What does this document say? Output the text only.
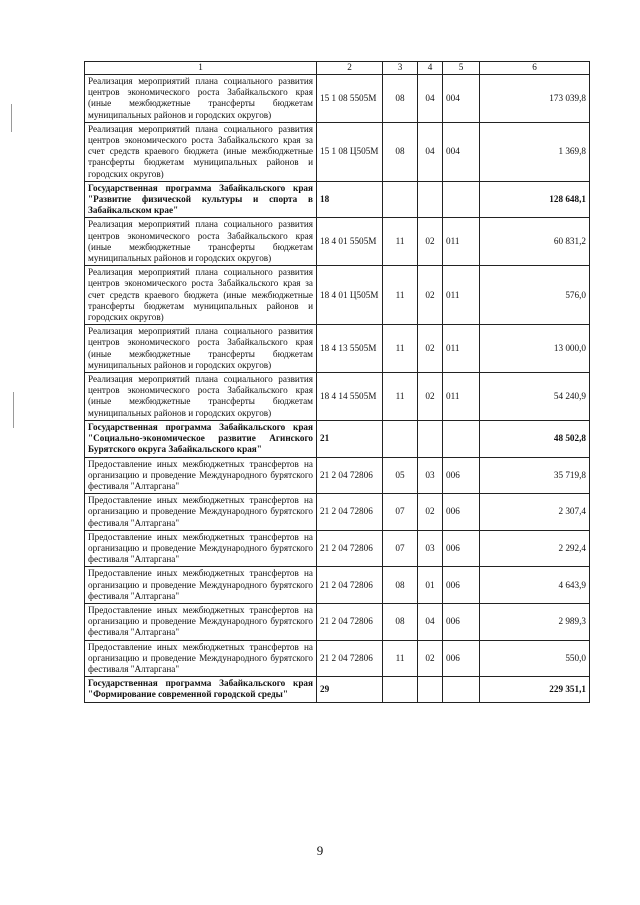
1	2	3	4	5	6
Реализация мероприятий плана социального развития центров экономического роста Забайкальского края (иные межбюджетные трансферты бюджетам муниципальных районов и городских округов)	15 1 08 5505М	08	04	004	173 039,8
Реализация мероприятий плана социального развития центров экономического роста Забайкальского края за счет средств краевого бюджета (иные межбюджетные трансферты бюджетам муниципальных районов и городских округов)	15 1 08 Ц505М	08	04	004	1 369,8
Государственная программа Забайкальского края "Развитие физической культуры и спорта в Забайкальском крае"	18				128 648,1
Реализация мероприятий плана социального развития центров экономического роста Забайкальского края (иные межбюджетные трансферты бюджетам муниципальных районов и городских округов)	18 4 01 5505М	11	02	011	60 831,2
Реализация мероприятий плана социального развития центров экономического роста Забайкальского края за счет средств краевого бюджета (иные межбюджетные трансферты бюджетам муниципальных районов и городских округов)	18 4 01 Ц505М	11	02	011	576,0
Реализация мероприятий плана социального развития центров экономического роста Забайкальского края (иные межбюджетные трансферты бюджетам муниципальных районов и городских округов)	18 4 13 5505М	11	02	011	13 000,0
Реализация мероприятий плана социального развития центров экономического роста Забайкальского края (иные межбюджетные трансферты бюджетам муниципальных районов и городских округов)	18 4 14 5505М	11	02	011	54 240,9
Государственная программа Забайкальского края "Социально-экономическое развитие Агинского Бурятского округа Забайкальского края"	21				48 502,8
Предоставление иных межбюджетных трансфертов на организацию и проведение Международного бурятского фестиваля "Алтаргана"	21 2 04 72806	05	03	006	35 719,8
Предоставление иных межбюджетных трансфертов на организацию и проведение Международного бурятского фестиваля "Алтаргана"	21 2 04 72806	07	02	006	2 307,4
Предоставление иных межбюджетных трансфертов на организацию и проведение Международного бурятского фестиваля "Алтаргана"	21 2 04 72806	07	03	006	2 292,4
Предоставление иных межбюджетных трансфертов на организацию и проведение Международного бурятского фестиваля "Алтаргана"	21 2 04 72806	08	01	006	4 643,9
Предоставление иных межбюджетных трансфертов на организацию и проведение Международного бурятского фестиваля "Алтаргана"	21 2 04 72806	08	04	006	2 989,3
Предоставление иных межбюджетных трансфертов на организацию и проведение Международного бурятского фестиваля "Алтаргана"	21 2 04 72806	11	02	006	550,0
Государственная программа Забайкальского края "Формирование современной городской среды"	29				229 351,1
9
